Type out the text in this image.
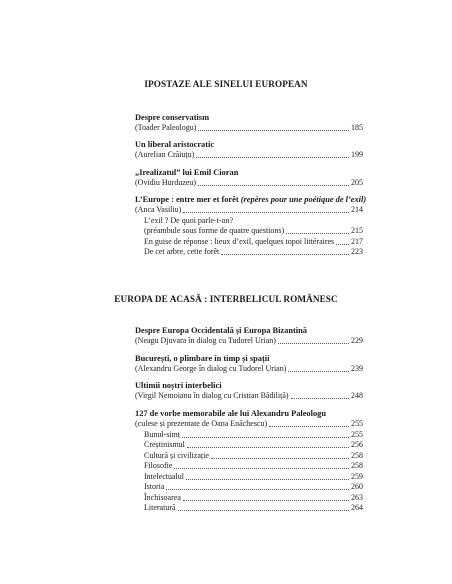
IPOSTAZE ALE SINELUI EUROPEAN
Despre conservatism
(Toader Paleologu)	185
Un liberal aristocratic
(Aurelian Crăiuțu)	199
„Irealizatul” lui Emil Cioran
(Ovidiu Hurduzeu)	205
L’Europe : entre mer et forêt (repères pour une poétique de l’exil)
(Anca Vasiliu)	214
L’exil ? De quoi parle-t-on?
(préambule sous forme de quatre questions)	215
En guise de réponse : lieux d’exil, quelques topoi littéraires 217
De cet arbre, cette forêt	223
EUROPA DE ACASĂ : INTERBELICUL ROMÂNESC
Despre Europa Occidentală și Europa Bizantină
(Neagu Djuvara în dialog cu Tudorel Urian)	229
București, o plimbare în timp și spații
(Alexandru George în dialog cu Tudorel Urian)	239
Ultimii noștri interbelici
(Virgil Nemoianu în dialog cu Cristian Bădiliță)	248
127 de vorbe memorabile ale lui Alexandru Paleologu
(culese și prezentate de Oana Enăchescu)	255
Bunul-simț	255
Creștinismul	256
Cultură și civilizație	258
Filosofie	258
Intelectualul	259
Istoria	260
Închisoarea	263
Literatură	264
